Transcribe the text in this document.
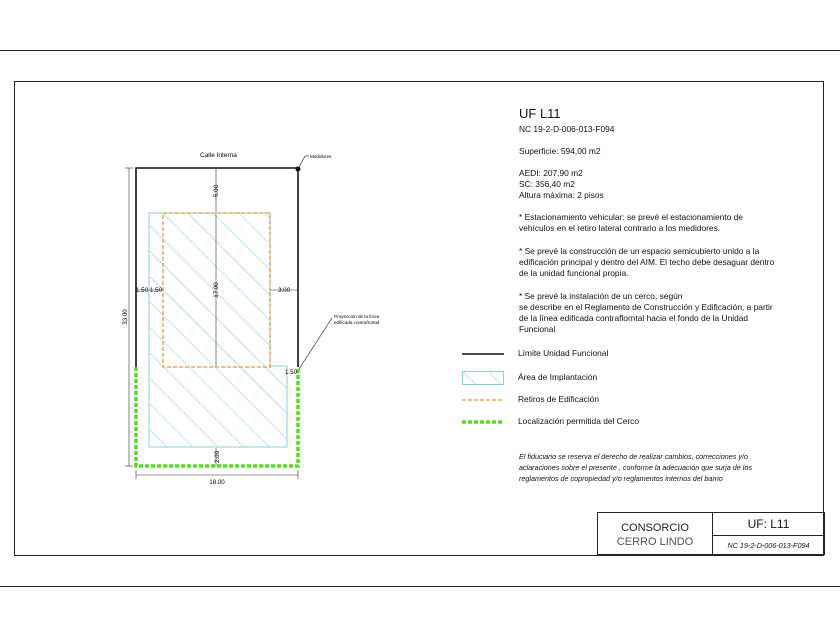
Calle Interna	Medidores
Proyección de la línea
edificada contrafrontal
5.00
17.00
2.00
33.00
18.00
1.50 1.50	3.00
1.50
UF L11
NC 19-2-D-006-013-F094
Superficie: 594,00 m2
AEDI: 207,90 m2
SC: 356,40 m2
Altura máxima: 2 pisos
* Estacionamiento vehicular: se prevé el estacionamiento de
vehículos en el retiro lateral contrario a los medidores.
* Se prevé la construcción de un espacio semicubierto unido a la
edificación principal y dentro del AIM. El techo debe desaguar dentro
de la unidad funcional propia.
* Se prevé la instalación de un cerco, según
se describe en el Reglamento de Construcción y Edificación, a partir
de la línea edificada contraflorntal hacia el fondo de la Unidad
Funcional
Límite Unidad Funcional
Área de Implantación
Retiros de Edificación
Localización permitida del Cerco
El fiduciario se reserva el derecho de realizar cambios, correcciones y/o
aclaraciones sobre el presente , conforme la adecuación que surja de los
reglamentos de copropiedad y/o reglamentos internos del barrio
CONSORCIO
CERRO LINDO
UF: L11
NC 19-2-D-006-013-F094
